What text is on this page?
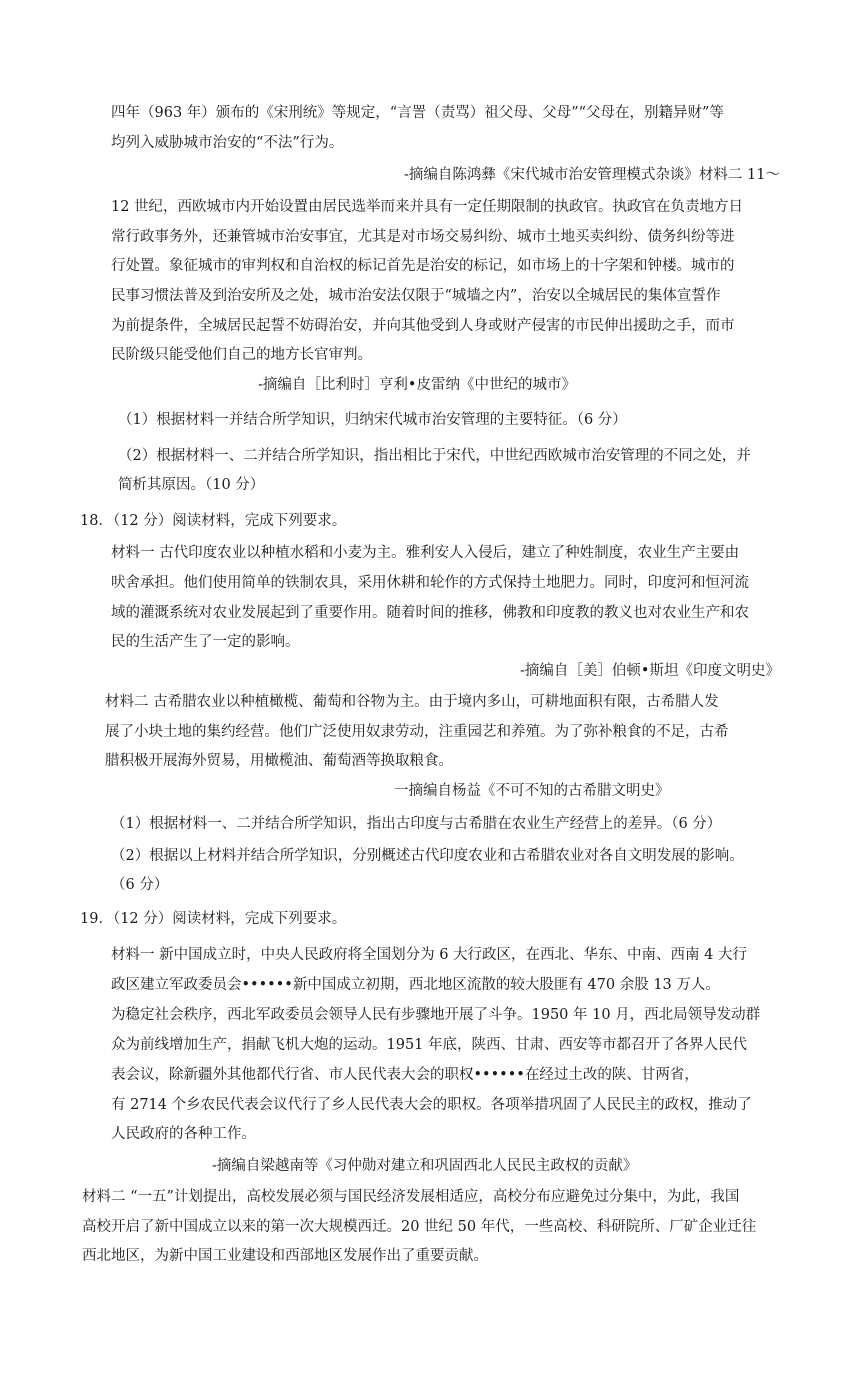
四年（963 年）颁布的《宋刑统》等规定，“言詈（责骂）祖父母、父母”“父母在，别籍异财”等
均列入威胁城市治安的“不法”行为。
-摘编自陈鸿彝《宋代城市治安管理模式杂谈》材料二 11～
12 世纪，西欧城市内开始设置由居民选举而来并具有一定任期限制的执政官。执政官在负责地方日
常行政事务外，还兼管城市治安事宜，尤其是对市场交易纠纷、城市土地买卖纠纷、债务纠纷等进
行处置。象征城市的审判权和自治权的标记首先是治安的标记，如市场上的十字架和钟楼。城市的
民事习惯法普及到治安所及之处，城市治安法仅限于“城墙之内”，治安以全城居民的集体宣誓作
为前提条件，全城居民起誓不妨碍治安，并向其他受到人身或财产侵害的市民伸出援助之手，而市
民阶级只能受他们自己的地方长官审判。
-摘编自［比利时］亨利•皮雷纳《中世纪的城市》
（1）根据材料一并结合所学知识，归纳宋代城市治安管理的主要特征。（6 分）
（2）根据材料一、二并结合所学知识，指出相比于宋代，中世纪西欧城市治安管理的不同之处，并
简析其原因。（10 分）
18．（12 分）阅读材料，完成下列要求。
材料一 古代印度农业以种植水稻和小麦为主。雅利安人入侵后，建立了种姓制度，农业生产主要由
吠舍承担。他们使用简单的铁制农具，采用休耕和轮作的方式保持土地肥力。同时，印度河和恒河流
域的灌溉系统对农业发展起到了重要作用。随着时间的推移，佛教和印度教的教义也对农业生产和农
民的生活产生了一定的影响。
-摘编自［美］伯顿•斯坦《印度文明史》
材料二 古希腊农业以种植橄榄、葡萄和谷物为主。由于境内多山，可耕地面积有限，古希腊人发
展了小块土地的集约经营。他们广泛使用奴隶劳动，注重园艺和养殖。为了弥补粮食的不足，古希
腊积极开展海外贸易，用橄榄油、葡萄酒等换取粮食。
一摘编自杨益《不可不知的古希腊文明史》
（1）根据材料一、二并结合所学知识，指出古印度与古希腊在农业生产经营上的差异。（6 分）
（2）根据以上材料并结合所学知识，分别概述古代印度农业和古希腊农业对各自文明发展的影响。
（6 分）
19．（12 分）阅读材料，完成下列要求。
材料一 新中国成立时，中央人民政府将全国划分为 6 大行政区，在西北、华东、中南、西南 4 大行
政区建立军政委员会••••••新中国成立初期，西北地区流散的较大股匪有 470 余股 13 万人。
为稳定社会秩序，西北军政委员会领导人民有步骤地开展了斗争。1950 年 10 月，西北局领导发动群
众为前线增加生产，捐献飞机大炮的运动。1951 年底，陕西、甘肃、西安等市都召开了各界人民代
表会议，除新疆外其他都代行省、市人民代表大会的职权••••••在经过土改的陕、甘两省，
有 2714 个乡农民代表会议代行了乡人民代表大会的职权。各项举措巩固了人民民主的政权，推动了
人民政府的各种工作。
-摘编自梁越南等《习仲勋对建立和巩固西北人民民主政权的贡献》
材料二 “一五”计划提出，高校发展必须与国民经济发展相适应，高校分布应避免过分集中，为此，我国
高校开启了新中国成立以来的第一次大规模西迁。20 世纪 50 年代，一些高校、科研院所、厂矿企业迁往
西北地区，为新中国工业建设和西部地区发展作出了重要贡献。
